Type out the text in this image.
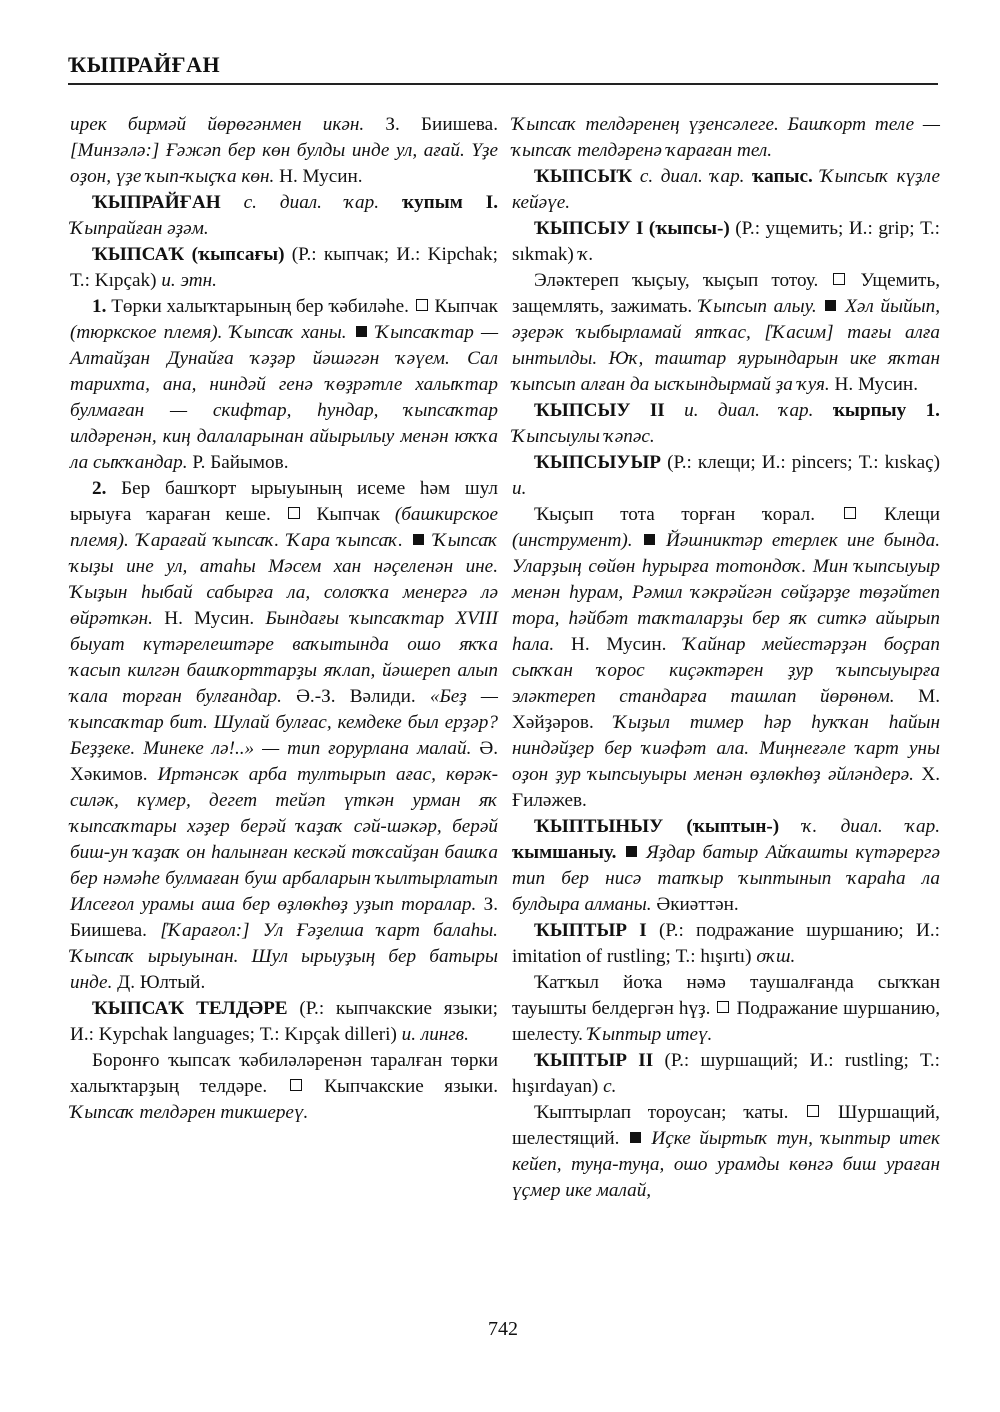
ҠЫПРАЙҒАН

ирек бирмәй йөрөгәнмен икән. З. Биишева. [Минзәлә:] Ғәжәп бер көн булды инде ул, ағай. Үҙе оҙон, үҙе ҡып-ҡыҫҡа көн. Н. Мусин.

ҠЫПРАЙҒАН с. диал. ҡар. ҡупым I. Ҡыпрайған әҙәм.

ҠЫПСАҠ (ҡыпсағы) (Р.: кыпчак; И.: Kipchak; Т.: Kıpçak) и. этн.

1. Төрки халыҡтарының бер ҡәбиләһе.  Кыпчак (тюркское племя). Ҡыпсаҡ ханы.  Ҡыпсаҡтар — Алтайҙан Дунайға ҡәҙәр йәшәгән ҡәүем. Сал тарихта, ана, ниндәй генә ҡөҙрәтле халыҡтар булмаған — скифтар, һундар, ҡыпсаҡтар илдәренән, киң далаларынан айырылыу менән юҡҡа ла сыҡҡандар. Р. Байымов.

2. Бер башҡорт ырыуының исеме һәм шул ырыуға ҡараған кеше.  Кыпчак (башкирское племя). Ҡарағай ҡыпсаҡ. Ҡара ҡыпсаҡ.  Ҡыпсаҡ ҡыҙы ине ул, атаһы Мәсем хан нәҫеленән ине. Ҡыҙын һыбай сабырға ла, солоҡҡа менергә лә өйрәткән. Н. Мусин. Бындағы ҡыпсаҡтар XVIII быуат күтәрелештәре ваҡытында ошо яҡҡа ҡасып килгән башҡорттарҙы яҡлап, йәшереп алып ҡала торған булғандар. Ә.-З. Вәлиди. «Беҙ — ҡыпсаҡтар бит. Шулай булғас, кемдеке был ерҙәр? Беҙҙеке. Минеке лә!..» — тип ғорурлана малай. Ә. Хәкимов. Иртәнсәк арба тултырып ағас, көрәк-силәк, күмер, дегет тейәп үткән урман яҡ ҡыпсаҡтары хәҙер берәй ҡаҙаҡ сәй-шәкәр, берәй биш-ун ҡаҙаҡ он һалынған кескәй тоҡсайҙан башҡа бер нәмәһе булмаған буш арбаларын ҡылтырлатып Илсеғол урамы аша бер өҙлөкһөҙ уҙып торалар. З. Биишева. [Ҡарағол:] Ул Ғәҙелша ҡарт балаһы. Ҡыпсаҡ ырыуынан. Шул ырыуҙың бер батыры инде. Д. Юлтый.

ҠЫПСАҠ ТЕЛДӘРЕ (Р.: кыпчакские языки; И.: Kypchak languages; Т.: Kıpçak dilleri) и. лингв.

Боронғо ҡыпсаҡ ҡәбиләләренән таралған төрки халыҡтарҙың телдәре.  Кыпчакские языки. Ҡыпсаҡ телдәрен тикшереү.

Ҡыпсаҡ телдәренең үҙенсәлеге. Башҡорт теле — ҡыпсаҡ телдәренә ҡараған тел.

ҠЫПСЫҠ с. диал. ҡар. ҡапыс. Ҡыпсыҡ күҙле кейәүе.

ҠЫПСЫУ I (ҡыпсы-) (Р.: ущемить; И.: grip; Т.: sıkmak) ҡ.

Эләктереп ҡыҫыу, ҡыҫып тотоу.  Ущемить, защемлять, зажимать. Ҡыпсып алыу.  Хәл йыйып, әҙерәк ҡыбырламай ятҡас, [Ҡасим] тағы алға ынтылды. Юҡ, таштар яурындарын ике яҡтан ҡыпсып алған да ысҡындырмай ҙа ҡуя. Н. Мусин.

ҠЫПСЫУ II и. диал. ҡар. ҡырпыу 1. Ҡыпсыулы ҡәпәс.

ҠЫПСЫУЫР (Р.: клещи; И.: pincers; Т.: kıskaç) и.

Ҡыҫып тота торған ҡорал.  Клещи (инструмент).  Йәшниктәр етерлек ине бында. Уларҙың сөйөн һурырға тотондоҡ. Мин ҡыпсыуыр менән һурам, Рәмил ҡәкрәйгән сөйҙәрҙе төҙәйтеп тора, һәйбәт таҡталарҙы бер яҡ ситкә айырып һала. Н. Мусин. Ҡайнар мейестәрҙән боҫрап сыҡҡан ҡорос киҫәктәрен ҙур ҡыпсыуырға эләктереп стандарға ташлап йөрөнөм. М. Хәйҙәров. Ҡыҙыл тимер һәр һуҡҡан һайын ниндәйҙер бер ҡиәфәт ала. Миңнеғәле ҡарт уны оҙон ҙур ҡыпсыуыры менән өҙлөкһөҙ әйләндерә. Х. Ғиләжев.

ҠЫПТЫНЫУ (ҡыптын-) ҡ. диал. ҡар. ҡымшаныу.  Яҙдар батыр Айҡашты күтәрергә тип бер нисә тапҡыр ҡыптынып ҡараһа ла булдыра алманы. Әкиәттән.

ҠЫПТЫР I (Р.: подражание шуршанию; И.: imitation of rustling; Т.: hışırtı) оҡш.

Ҡатҡыл йоҡа нәмә таушалғанда сыҡҡан тауышты белдергән һүҙ.  Подражание шуршанию, шелесту. Ҡыптыр итеү.

ҠЫПТЫР II (Р.: шуршащий; И.: rustling; Т.: hışırdayan) с.

Ҡыптырлап тороусан; ҡаты.  Шуршащий, шелестящий.  Иҫке йыртыҡ тун, ҡыптыр итек кейеп, туңа-туңа, ошо урамды көнгә биш ураған үҫмер ике малай,

742
